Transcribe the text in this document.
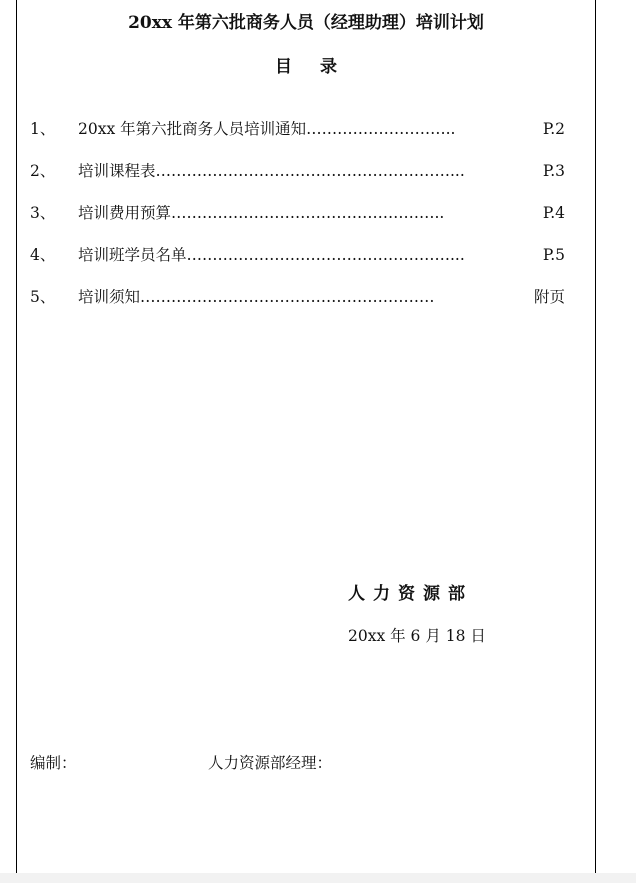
20xx 年第六批商务人员（经理助理）培训计划
目录
1、 20xx 年第六批商务人员培训通知………………………..	P.2
2、 培训课程表…………………………………………………...	P.3
3、 培训费用预算……………………………………………..	P.4
4、 培训班学员名单……………………………………………...	P.5
5、 培训须知…………………………………………………	附页
人力资源部
20xx 年 6 月 18 日
编制：	人力资源部经理：
